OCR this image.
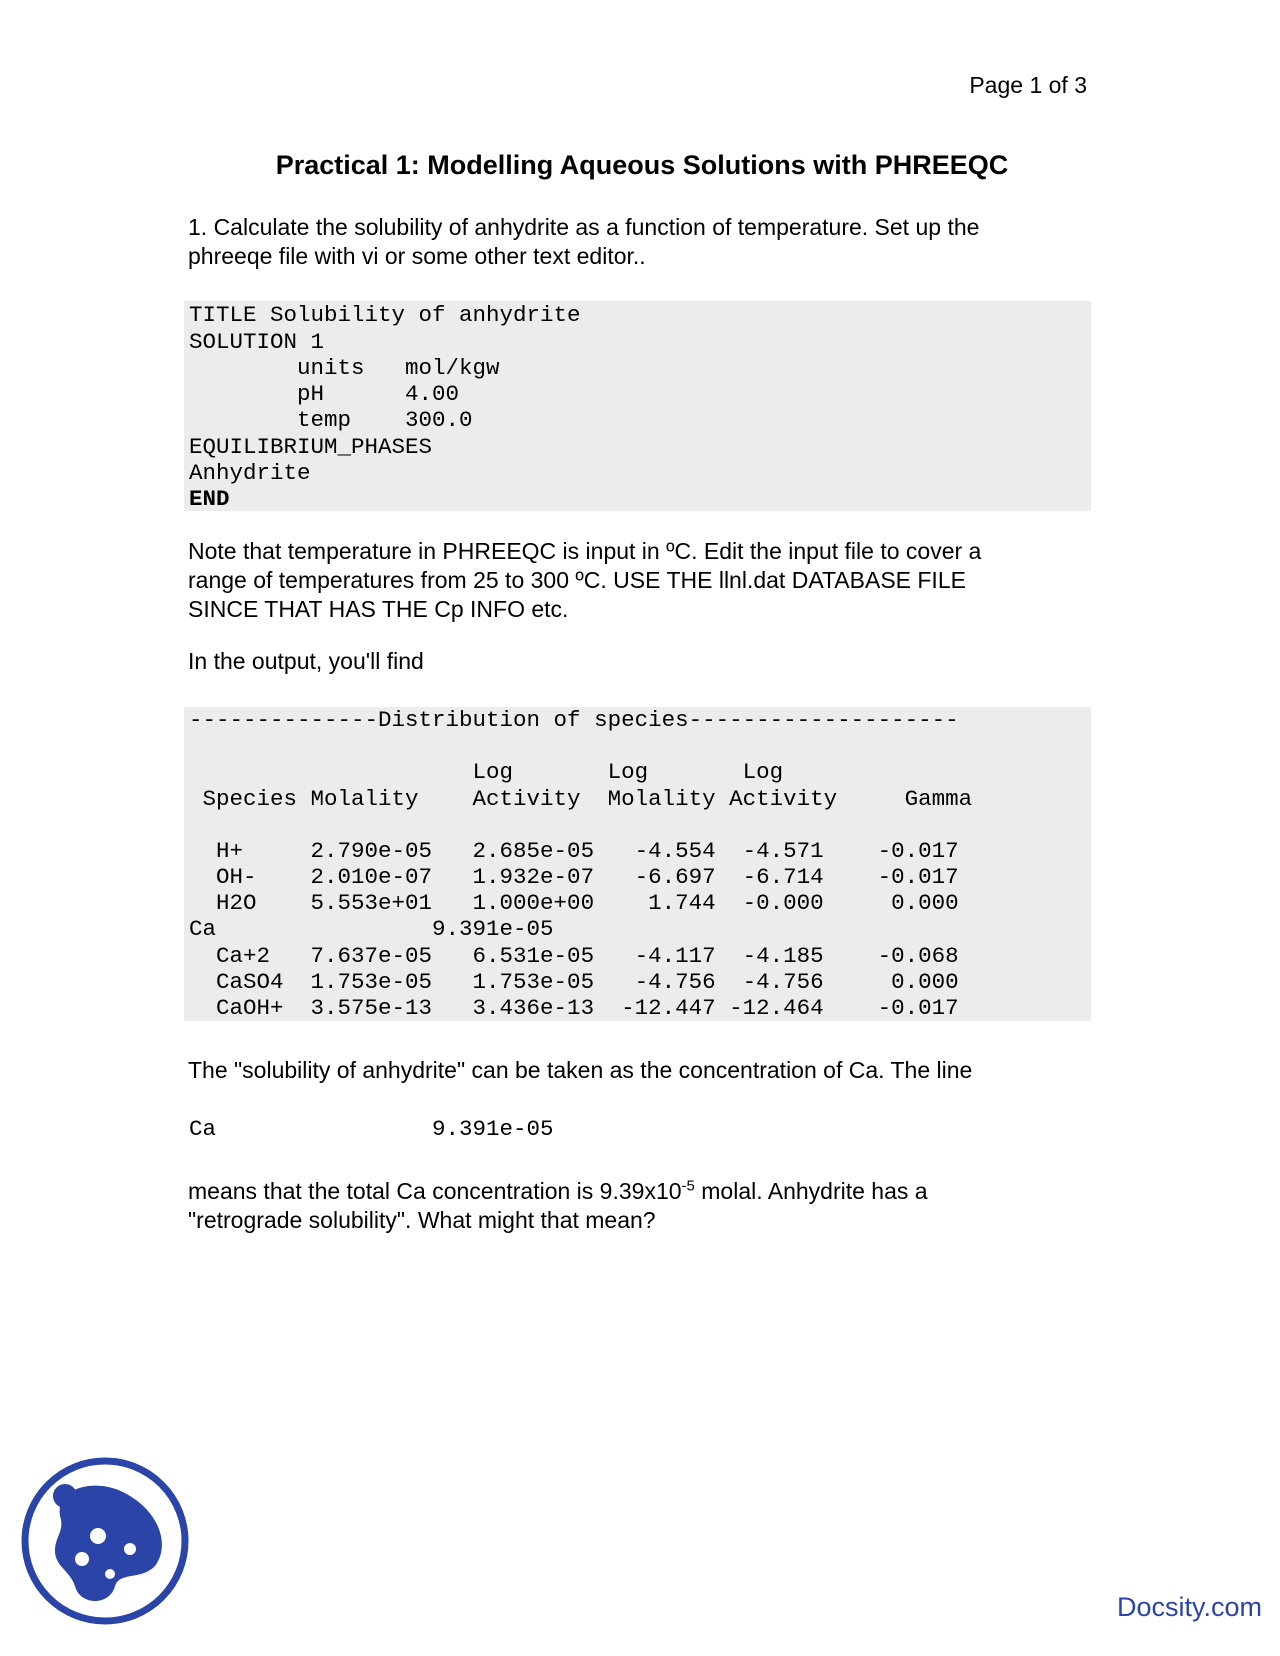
Page 1 of 3
Practical 1: Modelling Aqueous Solutions with PHREEQC
1. Calculate the solubility of anhydrite as a function of temperature. Set up the
phreeqe file with vi or some other text editor..
TITLE Solubility of anhydrite
SOLUTION 1
units   mol/kgw
pH      4.00
temp    300.0
EQUILIBRIUM_PHASES
Anhydrite
END
Note that temperature in PHREEQC is input in ºC. Edit the input file to cover a
range of temperatures from 25 to 300 ºC. USE THE llnl.dat DATABASE FILE
SINCE THAT HAS THE Cp INFO etc.
In the output, you'll find
--------------Distribution of species--------------------
Log       Log       Log
Species Molality    Activity  Molality Activity     Gamma
H+     2.790e-05   2.685e-05   -4.554  -4.571    -0.017
OH-    2.010e-07   1.932e-07   -6.697  -6.714    -0.017
H2O    5.553e+01   1.000e+00    1.744  -0.000     0.000
Ca                9.391e-05
Ca+2   7.637e-05   6.531e-05   -4.117  -4.185    -0.068
CaSO4  1.753e-05   1.753e-05   -4.756  -4.756     0.000
CaOH+  3.575e-13   3.436e-13  -12.447 -12.464    -0.017
The "solubility of anhydrite" can be taken as the concentration of Ca. The line
Ca                9.391e-05
means that the total Ca concentration is $9.39x10^{-5}$ molal. Anhydrite has a
"retrograde solubility". What might that mean?
Docsity.com
